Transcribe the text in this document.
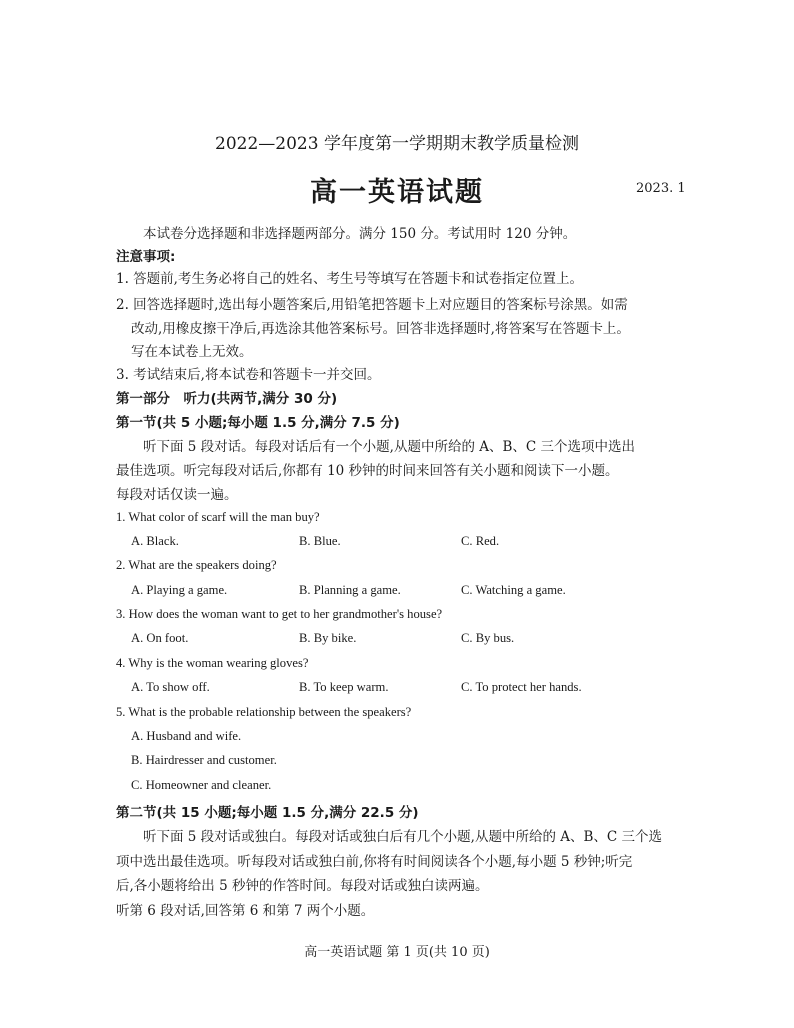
2022—2023 学年度第一学期期末教学质量检测
高一英语试题	2023. 1
本试卷分选择题和非选择题两部分。满分 150 分。考试用时 120 分钟。
注意事项:
1. 答题前,考生务必将自己的姓名、考生号等填写在答题卡和试卷指定位置上。
2. 回答选择题时,选出每小题答案后,用铅笔把答题卡上对应题目的答案标号涂黑。如需
改动,用橡皮擦干净后,再选涂其他答案标号。回答非选择题时,将答案写在答题卡上。
写在本试卷上无效。
3. 考试结束后,将本试卷和答题卡一并交回。
第一部分　听力(共两节,满分 30 分)
第一节(共 5 小题;每小题 1.5 分,满分 7.5 分)
听下面 5 段对话。每段对话后有一个小题,从题中所给的 A、B、C 三个选项中选出
最佳选项。听完每段对话后,你都有 10 秒钟的时间来回答有关小题和阅读下一小题。
每段对话仅读一遍。
1. What color of scarf will the man buy?
A. Black.	B. Blue.	C. Red.
2. What are the speakers doing?
A. Playing a game.	B. Planning a game.	C. Watching a game.
3. How does the woman want to get to her grandmother's house?
A. On foot.	B. By bike.	C. By bus.
4. Why is the woman wearing gloves?
A. To show off.	B. To keep warm.	C. To protect her hands.
5. What is the probable relationship between the speakers?
A. Husband and wife.
B. Hairdresser and customer.
C. Homeowner and cleaner.
第二节(共 15 小题;每小题 1.5 分,满分 22.5 分)
听下面 5 段对话或独白。每段对话或独白后有几个小题,从题中所给的 A、B、C 三个选
项中选出最佳选项。听每段对话或独白前,你将有时间阅读各个小题,每小题 5 秒钟;听完
后,各小题将给出 5 秒钟的作答时间。每段对话或独白读两遍。
听第 6 段对话,回答第 6 和第 7 两个小题。
高一英语试题 第 1 页(共 10 页)
